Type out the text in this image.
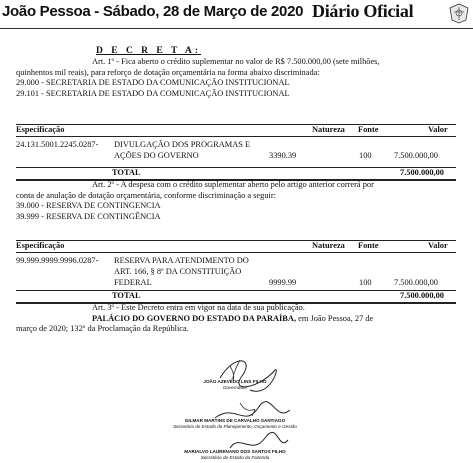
João Pessoa - Sábado, 28 de Março de 2020 Diário Oficial
D E C R E T A:
Art. 1º - Fica aberto o crédito suplementar no valor de R$ 7.500.000,00 (sete milhões,
quinhentos mil reais), para reforço de dotação orçamentária na forma abaixo discriminada:
29.000 - SECRETARIA DE ESTADO DA COMUNICAÇÃO INSTITUCIONAL
29.101 - SECRETARIA DE ESTADO DA COMUNICAÇÃO INSTITUCIONAL
Especificação	Natureza Fonte	Valor
24.131.5001.2245.0287- DIVULGAÇÃO DOS PROGRAMAS E
AÇÕES DO GOVERNO	3390.39	100	7.500.000,00
TOTAL	7.500.000,00
Art. 2º - A despesa com o crédito suplementar aberto pelo artigo anterior correrá por
conta de anulação de dotação orçamentária, conforme discriminação a seguir:
39.000 - RESERVA DE CONTINGENCIA
39.999 - RESERVA DE CONTINGÊNCIA
Especificação	Natureza Fonte	Valor
99.999.9999.9996.0287- RESERVA PARA ATENDIMENTO DO
ART. 166, § 8º DA CONSTITUIÇÃO
FEDERAL	9999.99	100	7.500.000,00
TOTAL	7.500.000,00
Art. 3º - Este Decreto entra em vigor na data de sua publicação.
PALÁCIO DO GOVERNO DO ESTADO DA PARAÍBA, em João Pessoa, 27 de
março de 2020; 132º da Proclamação da República.
JOÃO AZEVÊDO LINS FILHO
Governador
GILMAR MARTINS DE CARVALHO SANTIAGO
Secretário de Estado do Planejamento, Orçamento e Gestão
MARIALVO LAURENANO DOS SANTOS FILHO
Secretário de Estado da Fazenda
